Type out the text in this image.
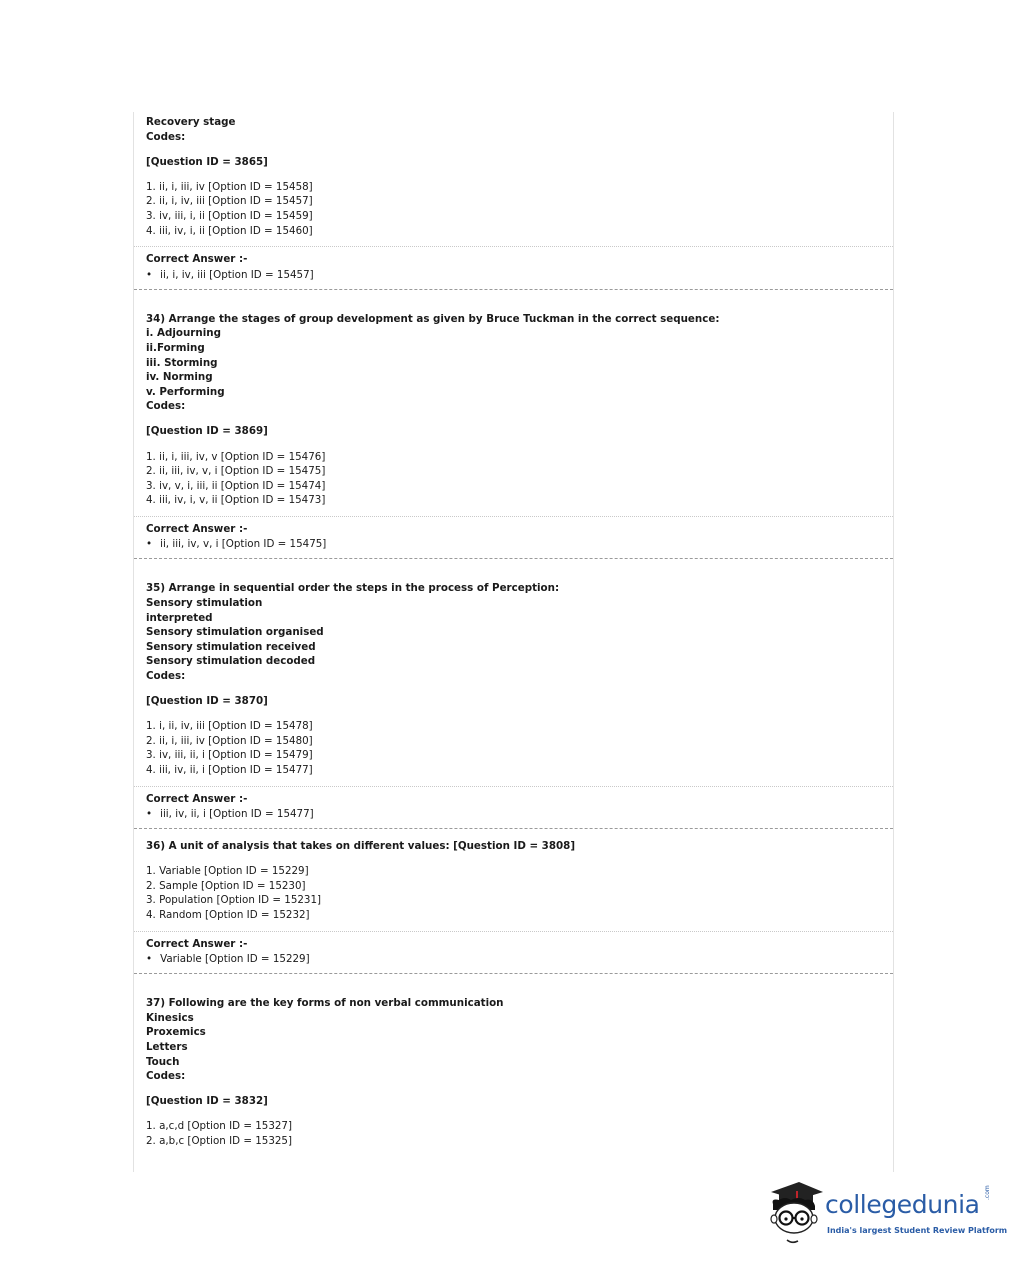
Recovery stage
Codes:
[Question ID = 3865]
1. ii, i, iii, iv [Option ID = 15458]
2. ii, i, iv, iii [Option ID = 15457]
3. iv, iii, i, ii [Option ID = 15459]
4. iii, iv, i, ii [Option ID = 15460]
Correct Answer :-
• ii, i, iv, iii [Option ID = 15457]
34) Arrange the stages of group development as given by Bruce Tuckman in the correct sequence:
i. Adjourning
ii.Forming
iii. Storming
iv. Norming
v. Performing
Codes:
[Question ID = 3869]
1. ii, i, iii, iv, v [Option ID = 15476]
2. ii, iii, iv, v, i [Option ID = 15475]
3. iv, v, i, iii, ii [Option ID = 15474]
4. iii, iv, i, v, ii [Option ID = 15473]
Correct Answer :-
• ii, iii, iv, v, i [Option ID = 15475]
35) Arrange in sequential order the steps in the process of Perception:
Sensory stimulation
interpreted
Sensory stimulation organised
Sensory stimulation received
Sensory stimulation decoded
Codes:
[Question ID = 3870]
1. i, ii, iv, iii [Option ID = 15478]
2. ii, i, iii, iv [Option ID = 15480]
3. iv, iii, ii, i [Option ID = 15479]
4. iii, iv, ii, i [Option ID = 15477]
Correct Answer :-
• iii, iv, ii, i [Option ID = 15477]
36) A unit of analysis that takes on different values: [Question ID = 3808]
1. Variable [Option ID = 15229]
2. Sample [Option ID = 15230]
3. Population [Option ID = 15231]
4. Random [Option ID = 15232]
Correct Answer :-
• Variable [Option ID = 15229]
37) Following are the key forms of non verbal communication
Kinesics
Proxemics
Letters
Touch
Codes:
[Question ID = 3832]
1. a,c,d [Option ID = 15327]
2. a,b,c [Option ID = 15325]
collegedunia .com
India's largest Student Review Platform
